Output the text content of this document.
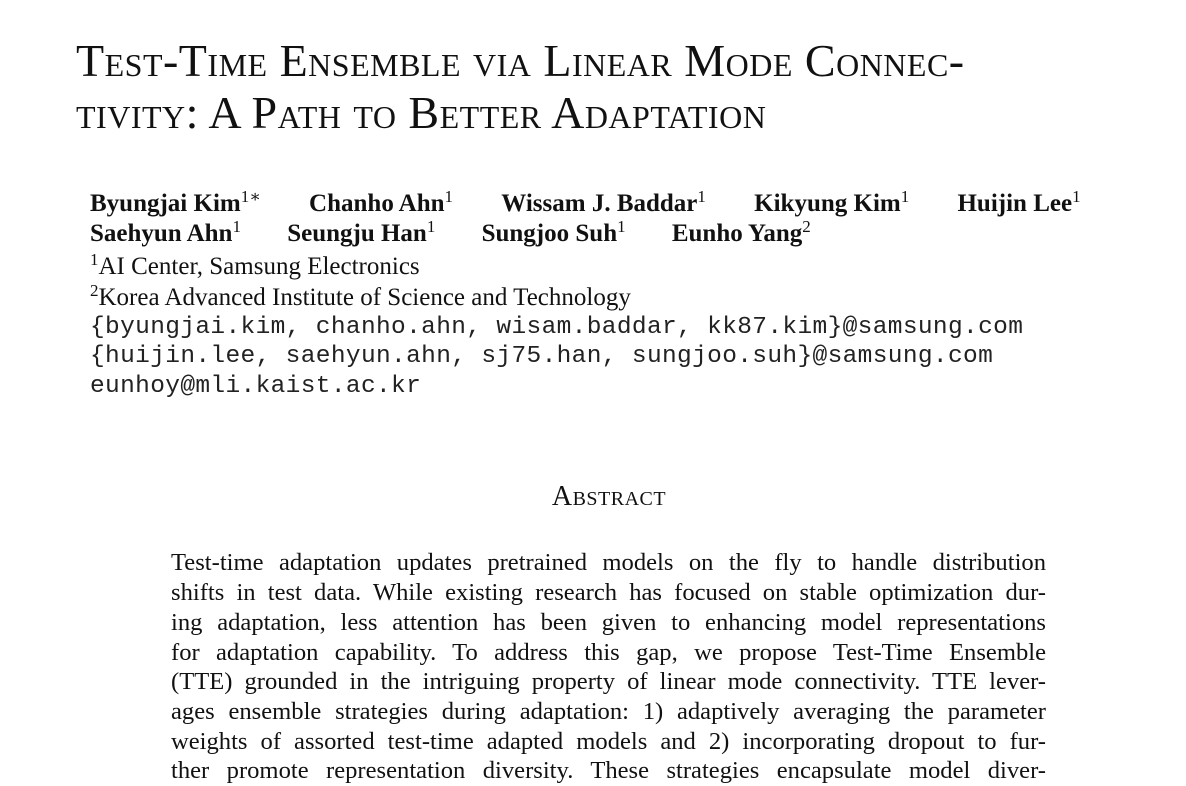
Test-Time Ensemble via Linear Mode Connec-
tivity: A Path to Better Adaptation
Byungjai Kim$^{1∗}$ Chanho Ahn$^1$ Wissam J. Baddar$^1$ Kikyung Kim$^1$ Huijin Lee$^1$
Saehyun Ahn$^1$ Seungju Han$^1$ Sungjoo Suh$^1$ Eunho Yang$^2$
$^1$AI Center, Samsung Electronics
$^2$Korea Advanced Institute of Science and Technology
{byungjai.kim, chanho.ahn, wisam.baddar, kk87.kim}@samsung.com
{huijin.lee, saehyun.ahn, sj75.han, sungjoo.suh}@samsung.com
eunhoy@mli.kaist.ac.kr
Abstract
Test-time adaptation updates pretrained models on the fly to handle distribution
shifts in test data. While existing research has focused on stable optimization dur-
ing adaptation, less attention has been given to enhancing model representations
for adaptation capability. To address this gap, we propose Test-Time Ensemble
(TTE) grounded in the intriguing property of linear mode connectivity. TTE lever-
ages ensemble strategies during adaptation: 1) adaptively averaging the parameter
weights of assorted test-time adapted models and 2) incorporating dropout to fur-
ther promote representation diversity. These strategies encapsulate model diver-
